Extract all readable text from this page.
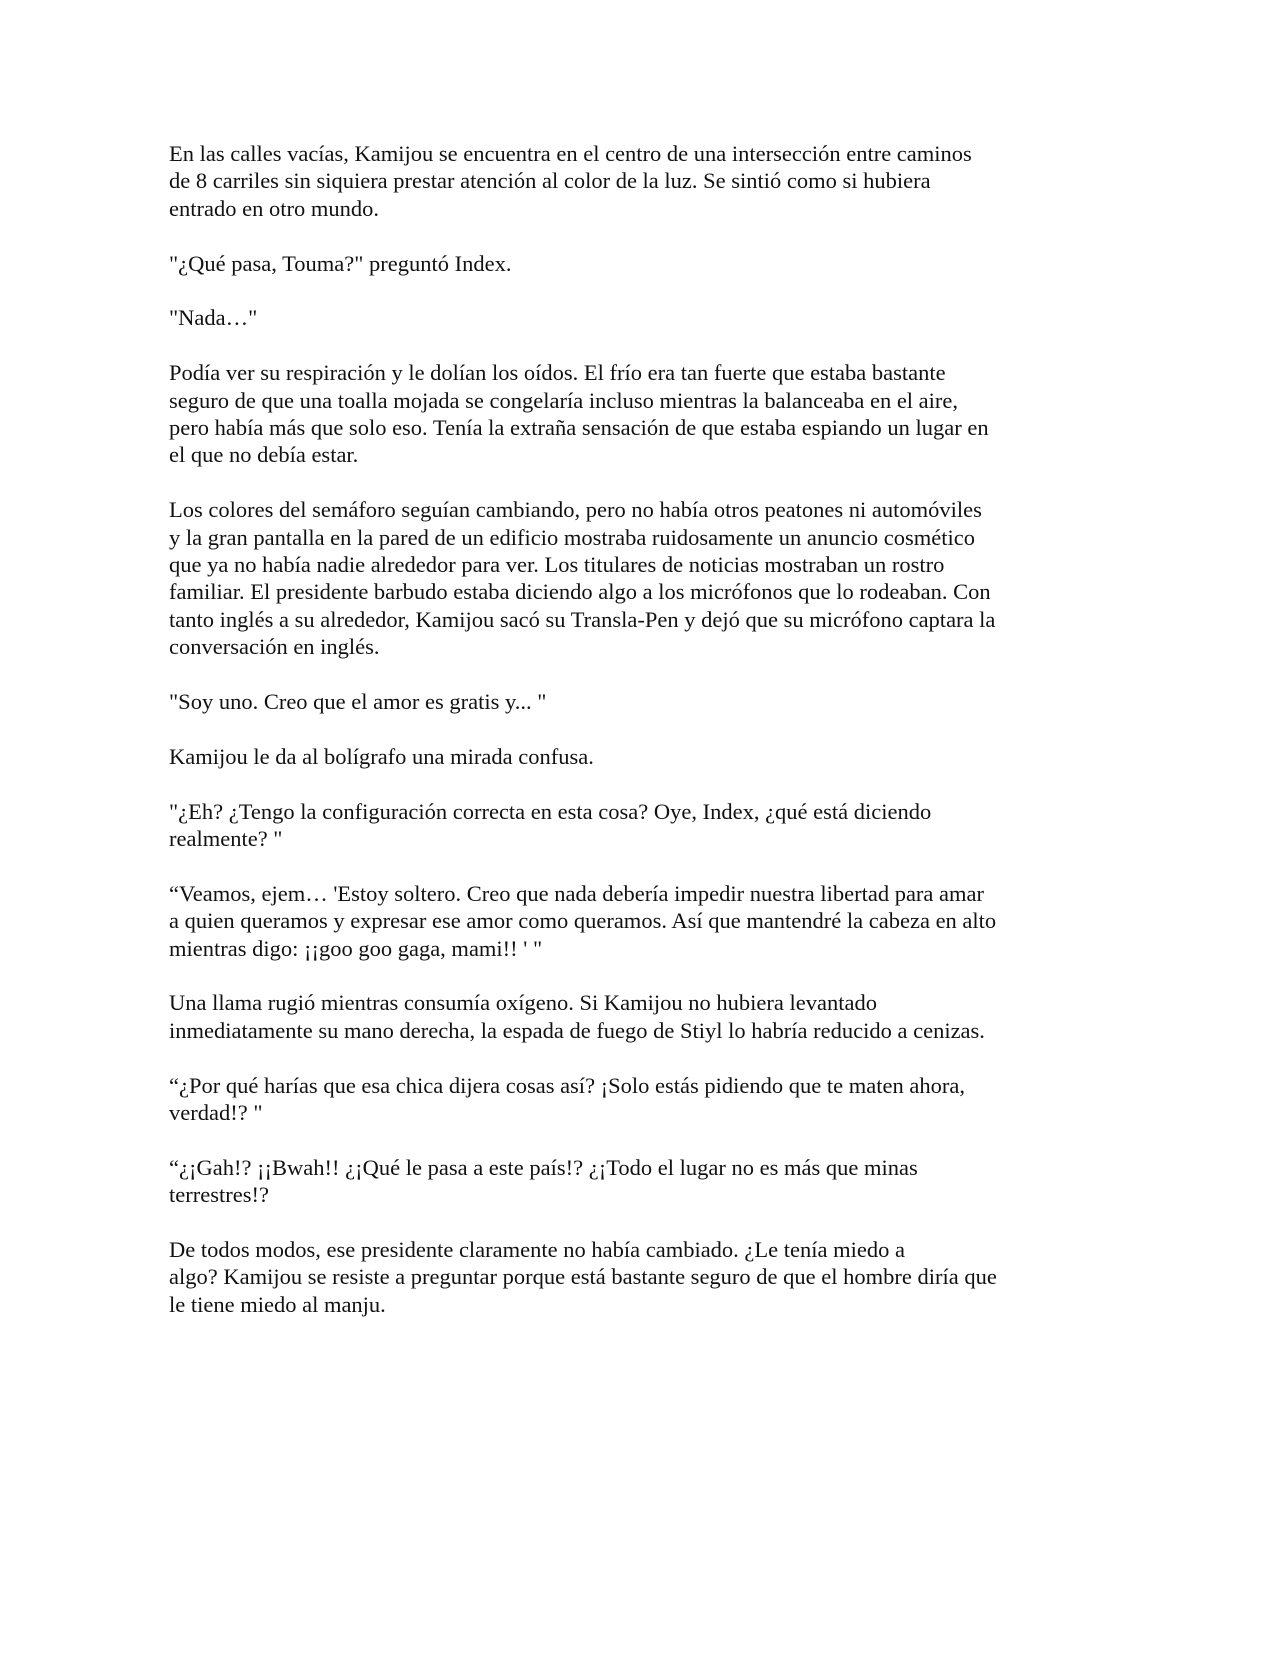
En las calles vacías, Kamijou se encuentra en el centro de una intersección entre caminos
de 8 carriles sin siquiera prestar atención al color de la luz. Se sintió como si hubiera
entrado en otro mundo.

"¿Qué pasa, Touma?" preguntó Index.

"Nada…"

Podía ver su respiración y le dolían los oídos. El frío era tan fuerte que estaba bastante
seguro de que una toalla mojada se congelaría incluso mientras la balanceaba en el aire,
pero había más que solo eso. Tenía la extraña sensación de que estaba espiando un lugar en
el que no debía estar.

Los colores del semáforo seguían cambiando, pero no había otros peatones ni automóviles
y la gran pantalla en la pared de un edificio mostraba ruidosamente un anuncio cosmético
que ya no había nadie alrededor para ver. Los titulares de noticias mostraban un rostro
familiar. El presidente barbudo estaba diciendo algo a los micrófonos que lo rodeaban. Con
tanto inglés a su alrededor, Kamijou sacó su Transla-Pen y dejó que su micrófono captara la
conversación en inglés.

"Soy uno. Creo que el amor es gratis y... "

Kamijou le da al bolígrafo una mirada confusa.

"¿Eh? ¿Tengo la configuración correcta en esta cosa? Oye, Index, ¿qué está diciendo
realmente? "

“Veamos, ejem… 'Estoy soltero. Creo que nada debería impedir nuestra libertad para amar
a quien queramos y expresar ese amor como queramos. Así que mantendré la cabeza en alto
mientras digo: ¡¡goo goo gaga, mami!! ' "

Una llama rugió mientras consumía oxígeno. Si Kamijou no hubiera levantado
inmediatamente su mano derecha, la espada de fuego de Stiyl lo habría reducido a cenizas.

“¿Por qué harías que esa chica dijera cosas así? ¡Solo estás pidiendo que te maten ahora,
verdad!? "

“¿¡Gah!? ¡¡Bwah!! ¿¡Qué le pasa a este país!? ¿¡Todo el lugar no es más que minas
terrestres!?

De todos modos, ese presidente claramente no había cambiado. ¿Le tenía miedo a
algo? Kamijou se resiste a preguntar porque está bastante seguro de que el hombre diría que
le tiene miedo al manju.
